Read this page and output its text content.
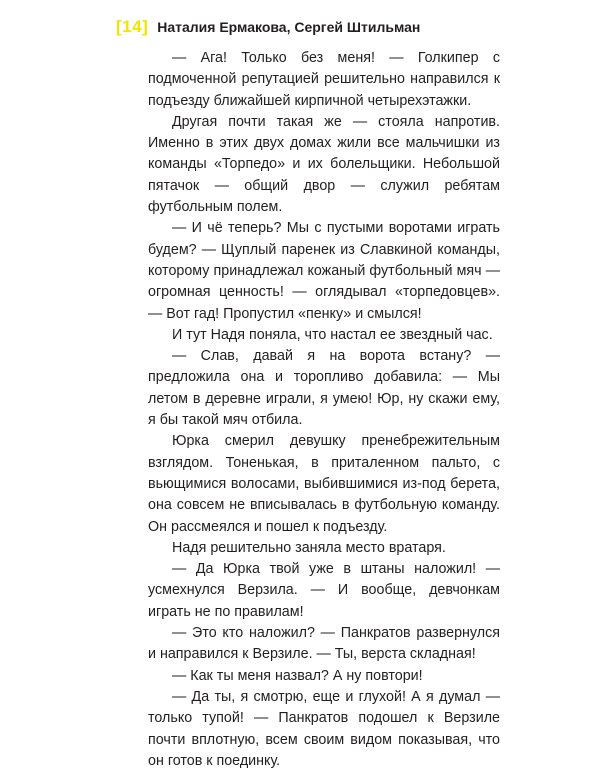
[14] Наталия Ермакова, Сергей Штильман

— Ага! Только без меня! — Голкипер с подмоченной репутацией решительно направился к подъезду ближайшей кирпичной четырехэтажки.

Другая почти такая же — стояла напротив. Именно в этих двух домах жили все мальчишки из команды «Торпедо» и их болельщики. Небольшой пятачок — общий двор — служил ребятам футбольным полем.

— И чё теперь? Мы с пустыми воротами играть будем? — Щуплый паренек из Славкиной команды, которому принадлежал кожаный футбольный мяч — огромная ценность! — оглядывал «торпедовцев». — Вот гад! Пропустил «пенку» и смылся!

И тут Надя поняла, что настал ее звездный час.

— Слав, давай я на ворота встану? — предложила она и торопливо добавила: — Мы летом в деревне играли, я умею! Юр, ну скажи ему, я бы такой мяч отбила.

Юрка смерил девушку пренебрежительным взглядом. Тоненькая, в приталенном пальто, с вьющимися волосами, выбившимися из-под берета, она совсем не вписывалась в футбольную команду. Он рассмеялся и пошел к подъезду.

Надя решительно заняла место вратаря.

— Да Юрка твой уже в штаны наложил! — усмехнулся Верзила. — И вообще, девчонкам играть не по правилам!

— Это кто наложил? — Панкратов развернулся и направился к Верзиле. — Ты, верста складная!

— Как ты меня назвал? А ну повтори!

— Да ты, я смотрю, еще и глухой! А я думал — только тупой! — Панкратов подошел к Верзиле почти вплотную, всем своим видом показывая, что он готов к поединку.
